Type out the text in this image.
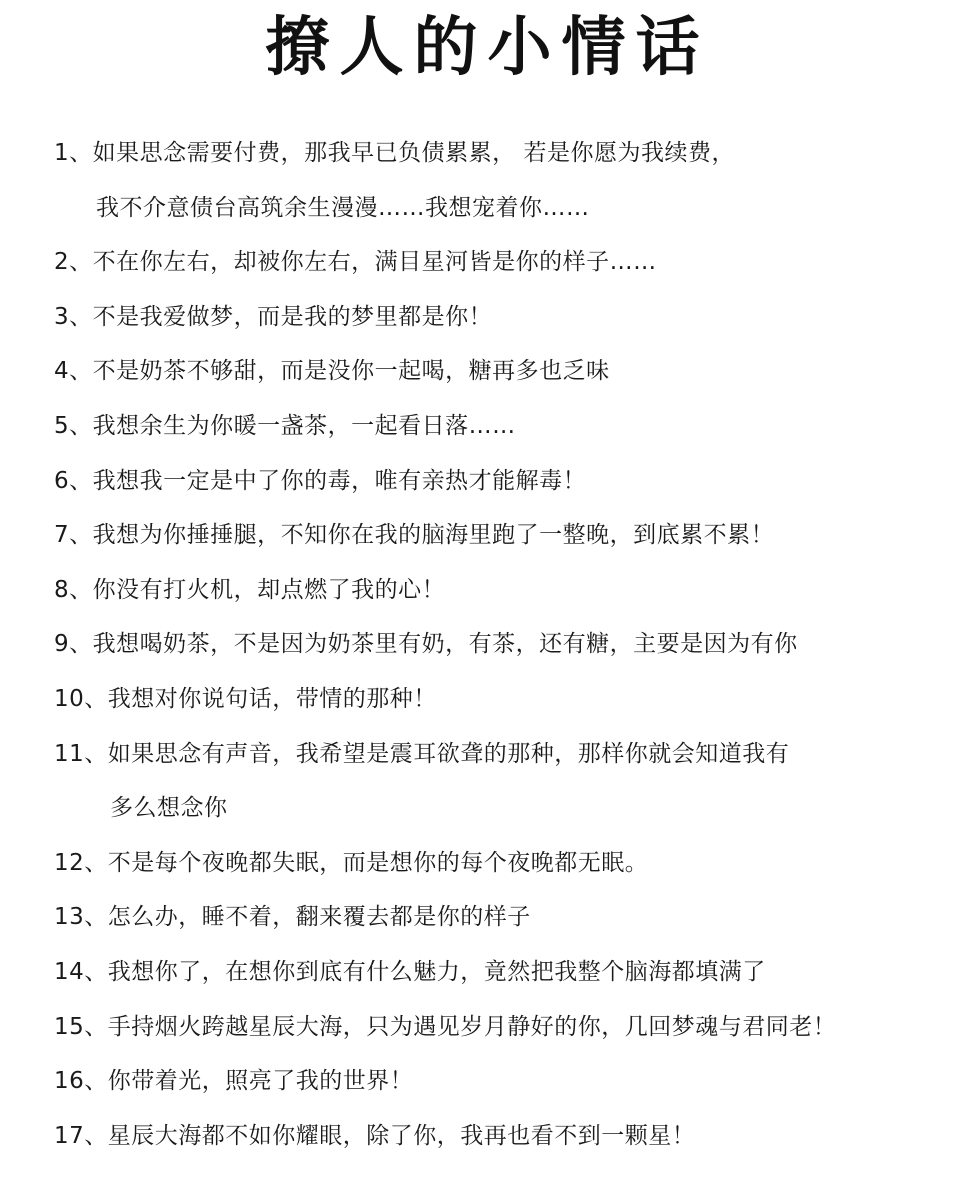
撩人的小情话
1、如果思念需要付费，那我早已负债累累， 若是你愿为我续费，
我不介意债台高筑余生漫漫……我想宠着你……
2、不在你左右，却被你左右，满目星河皆是你的样子……
3、不是我爱做梦，而是我的梦里都是你！
4、不是奶茶不够甜，而是没你一起喝，糖再多也乏味
5、我想余生为你暖一盏茶，一起看日落……
6、我想我一定是中了你的毒，唯有亲热才能解毒！
7、我想为你捶捶腿，不知你在我的脑海里跑了一整晚，到底累不累！
8、你没有打火机，却点燃了我的心！
9、我想喝奶茶，不是因为奶茶里有奶，有茶，还有糖，主要是因为有你
10、我想对你说句话，带情的那种！
11、如果思念有声音，我希望是震耳欲聋的那种，那样你就会知道我有
多么想念你
12、不是每个夜晚都失眠，而是想你的每个夜晚都无眠。
13、怎么办，睡不着，翻来覆去都是你的样子
14、我想你了，在想你到底有什么魅力，竟然把我整个脑海都填满了
15、手持烟火跨越星辰大海，只为遇见岁月静好的你，几回梦魂与君同老！
16、你带着光，照亮了我的世界！
17、星辰大海都不如你耀眼，除了你，我再也看不到一颗星！
